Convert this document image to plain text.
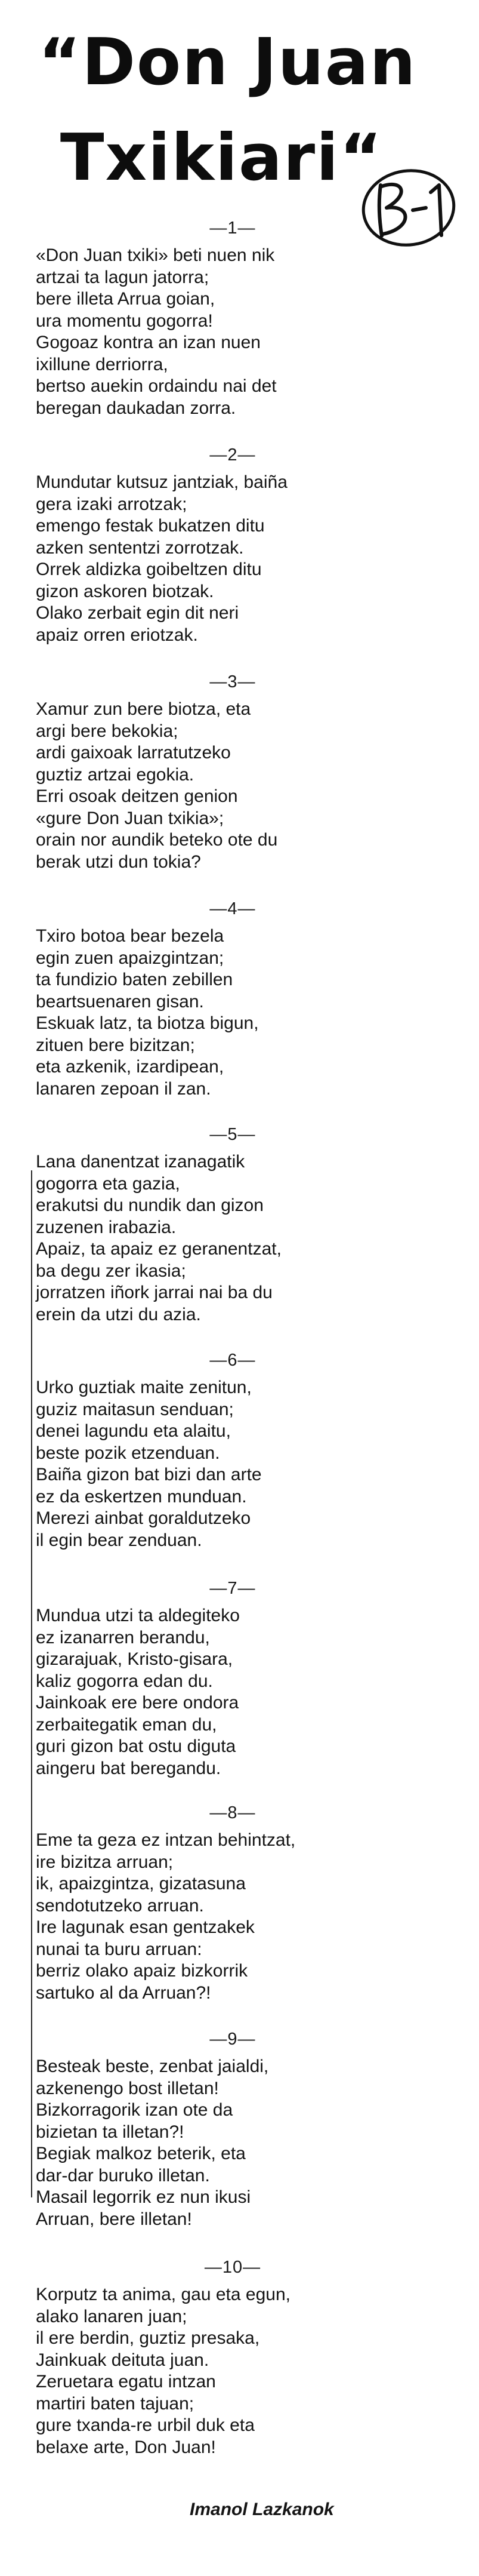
“Don Juan
Txikiari“
—1—
«Don Juan txiki» beti nuen nik
artzai ta lagun jatorra;
bere illeta Arrua goian,
ura momentu gogorra!
Gogoaz kontra an izan nuen
ixillune derriorra,
bertso auekin ordaindu nai det
beregan daukadan zorra.
—2—
Mundutar kutsuz jantziak, baiña
gera izaki arrotzak;
emengo festak bukatzen ditu
azken sententzi zorrotzak.
Orrek aldizka goibeltzen ditu
gizon askoren biotzak.
Olako zerbait egin dit neri
apaiz orren eriotzak.
—3—
Xamur zun bere biotza, eta
argi bere bekokia;
ardi gaixoak larratutzeko
guztiz artzai egokia.
Erri osoak deitzen genion
«gure Don Juan txikia»;
orain nor aundik beteko ote du
berak utzi dun tokia?
—4—
Txiro botoa bear bezela
egin zuen apaizgintzan;
ta fundizio baten zebillen
beartsuenaren gisan.
Eskuak latz, ta biotza bigun,
zituen bere bizitzan;
eta azkenik, izardipean,
lanaren zepoan il zan.
—5—
Lana danentzat izanagatik
gogorra eta gazia,
erakutsi du nundik dan gizon
zuzenen irabazia.
Apaiz, ta apaiz ez geranentzat,
ba degu zer ikasia;
jorratzen iñork jarrai nai ba du
erein da utzi du azia.
—6—
Urko guztiak maite zenitun,
guziz maitasun senduan;
denei lagundu eta alaitu,
beste pozik etzenduan.
Baiña gizon bat bizi dan arte
ez da eskertzen munduan.
Merezi ainbat goraldutzeko
il egin bear zenduan.
—7—
Mundua utzi ta aldegiteko
ez izanarren berandu,
gizarajuak, Kristo-gisara,
kaliz gogorra edan du.
Jainkoak ere bere ondora
zerbaitegatik eman du,
guri gizon bat ostu diguta
aingeru bat beregandu.
—8—
Eme ta geza ez intzan behintzat,
ire bizitza arruan;
ik, apaizgintza, gizatasuna
sendotutzeko arruan.
Ire lagunak esan gentzakek
nunai ta buru arruan:
berriz olako apaiz bizkorrik
sartuko al da Arruan?!
—9—
Besteak beste, zenbat jaialdi,
azkenengo bost illetan!
Bizkorragorik izan ote da
bizietan ta illetan?!
Begiak malkoz beterik, eta
dar-dar buruko illetan.
Masail legorrik ez nun ikusi
Arruan, bere illetan!
—10—
Korputz ta anima, gau eta egun,
alako lanaren juan;
il ere berdin, guztiz presaka,
Jainkuak deituta juan.
Zeruetara egatu intzan
martiri baten tajuan;
gure txanda-re urbil duk eta
belaxe arte, Don Juan!
Imanol Lazkanok
